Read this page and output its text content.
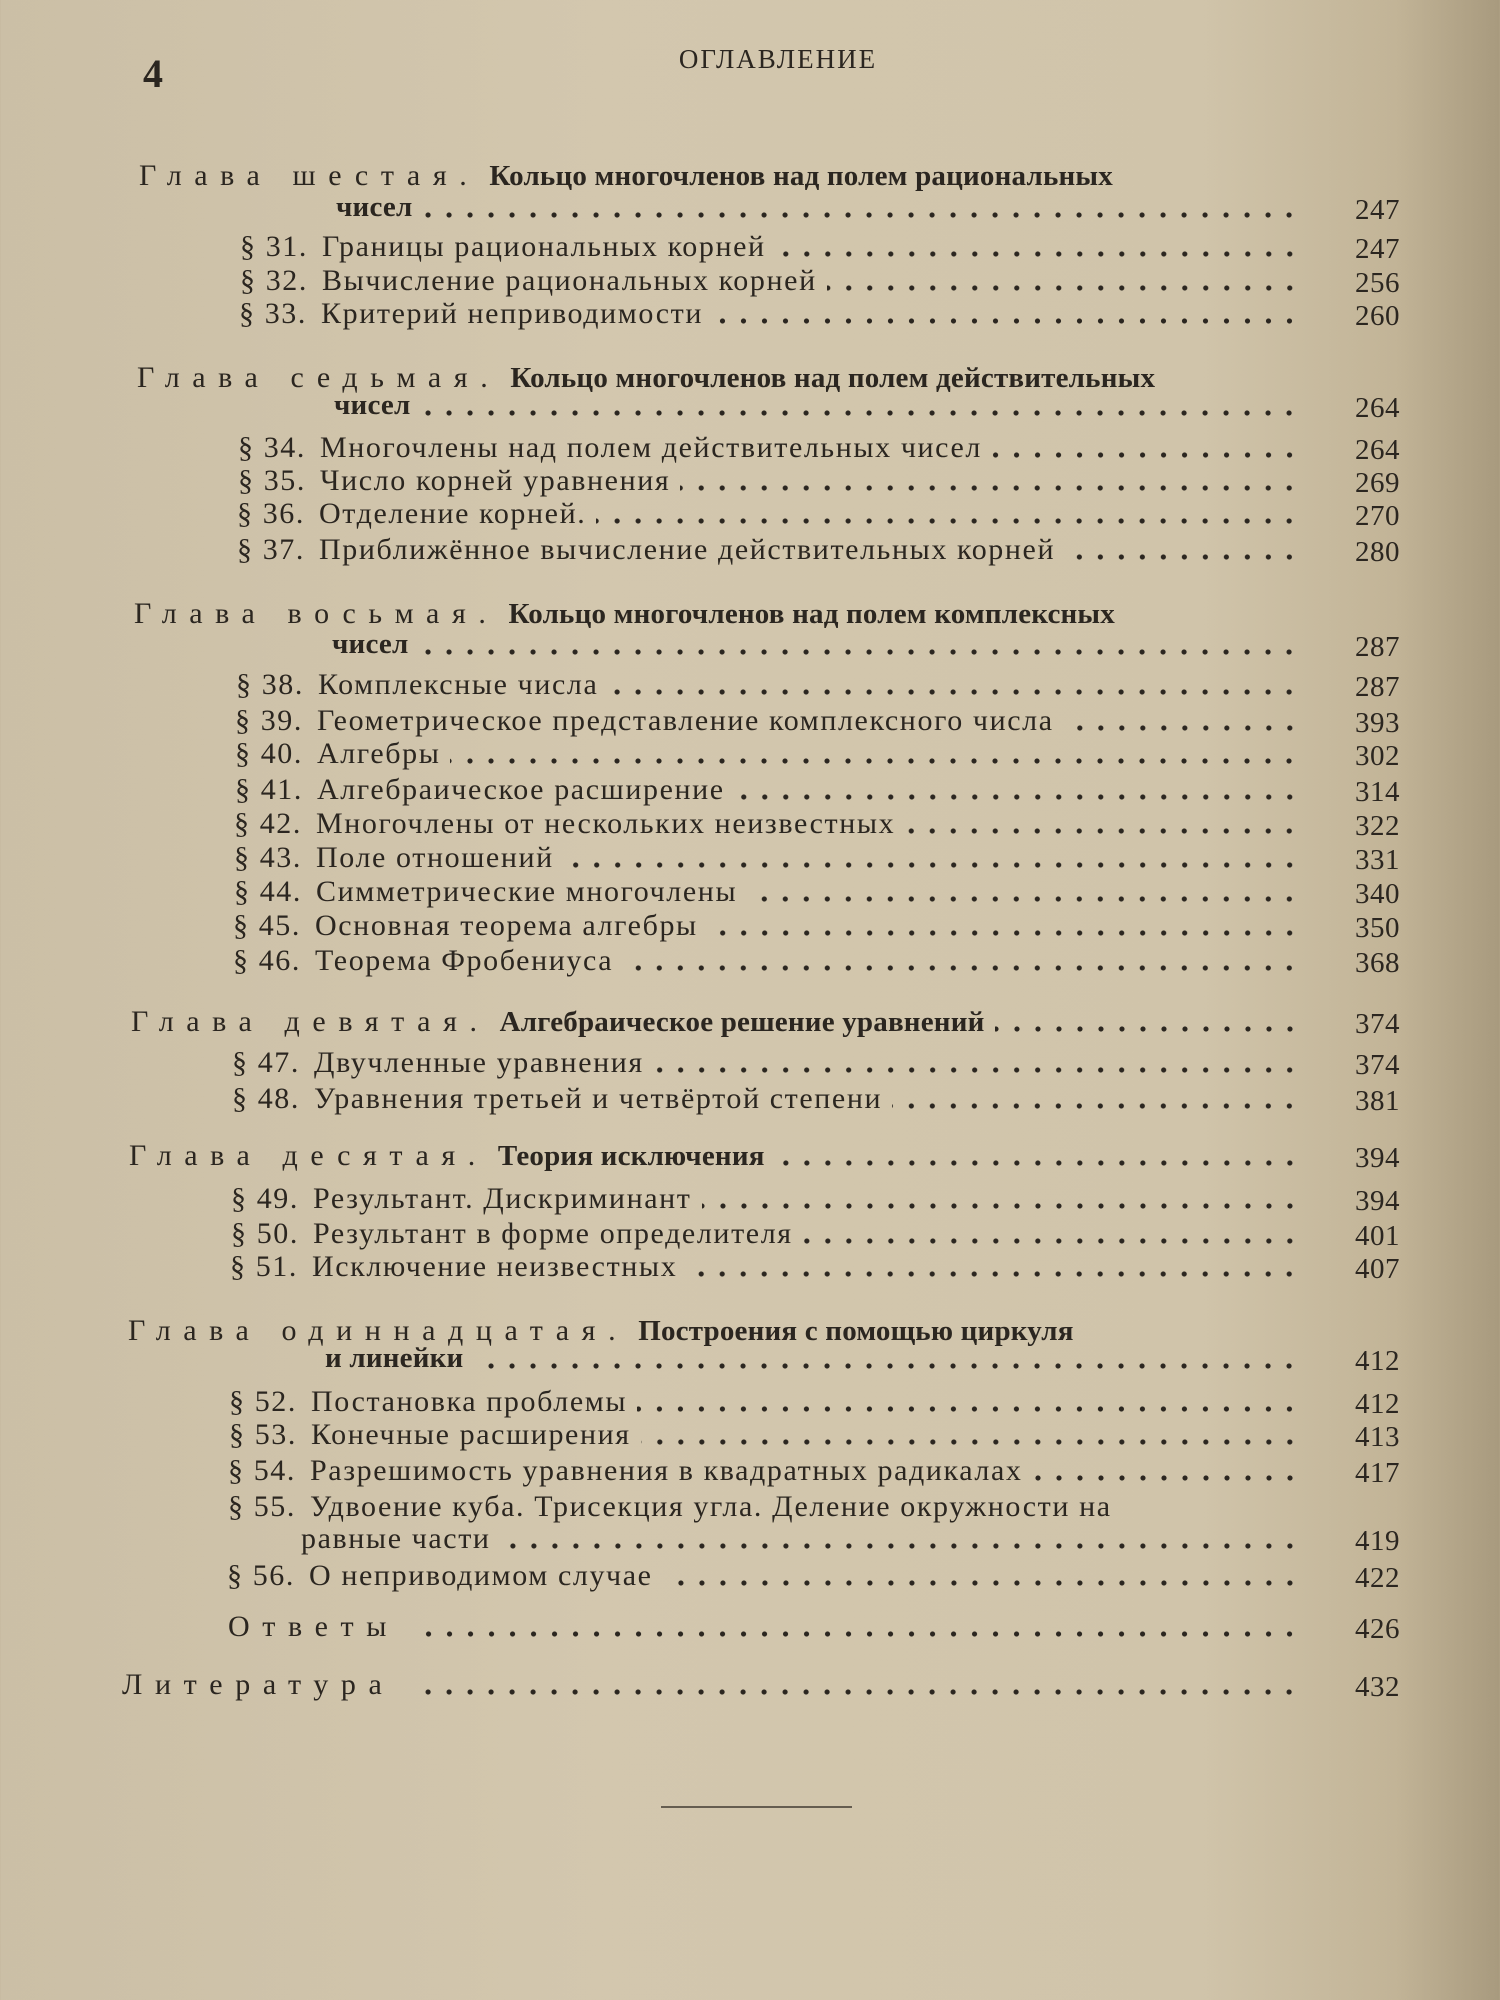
4	ОГЛАВЛЕНИЕ
Глава шестая. Кольцо многочленов над полем рациональных
чисел	247
§ 31. Границы рациональных корней	247
§ 32. Вычисление рациональных корней	256
§ 33. Критерий неприводимости	260
Глава седьмая. Кольцо многочленов над полем действительных
чисел	264
§ 34. Многочлены над полем действительных чисел	264
§ 35. Число корней уравнения	269
§ 36. Отделение корней.	270
§ 37. Приближённое вычисление действительных корней	280
Глава восьмая. Кольцо многочленов над полем комплексных
чисел	287
§ 38. Комплексные числа	287
§ 39. Геометрическое представление комплексного числа	393
§ 40. Алгебры	302
§ 41. Алгебраическое расширение	314
§ 42. Многочлены от нескольких неизвестных	322
§ 43. Поле отношений	331
§ 44. Симметрические многочлены	340
§ 45. Основная теорема алгебры	350
§ 46. Теорема Фробениуса	368
Глава девятая. Алгебраическое решение уравнений	374
§ 47. Двучленные уравнения	374
§ 48. Уравнения третьей и четвёртой степени	381
Глава десятая. Теория исключения	394
§ 49. Результант. Дискриминант	394
§ 50. Результант в форме определителя	401
§ 51. Исключение неизвестных	407
Глава одиннадцатая. Построения с помощью циркуля
и линейки	412
§ 52. Постановка проблемы	412
§ 53. Конечные расширения	413
§ 54. Разрешимость уравнения в квадратных радикалах	417
§ 55. Удвоение куба. Трисекция угла. Деление окружности на
равные части	419
§ 56. О неприводимом случае	422
Ответы	426
Литература	432
